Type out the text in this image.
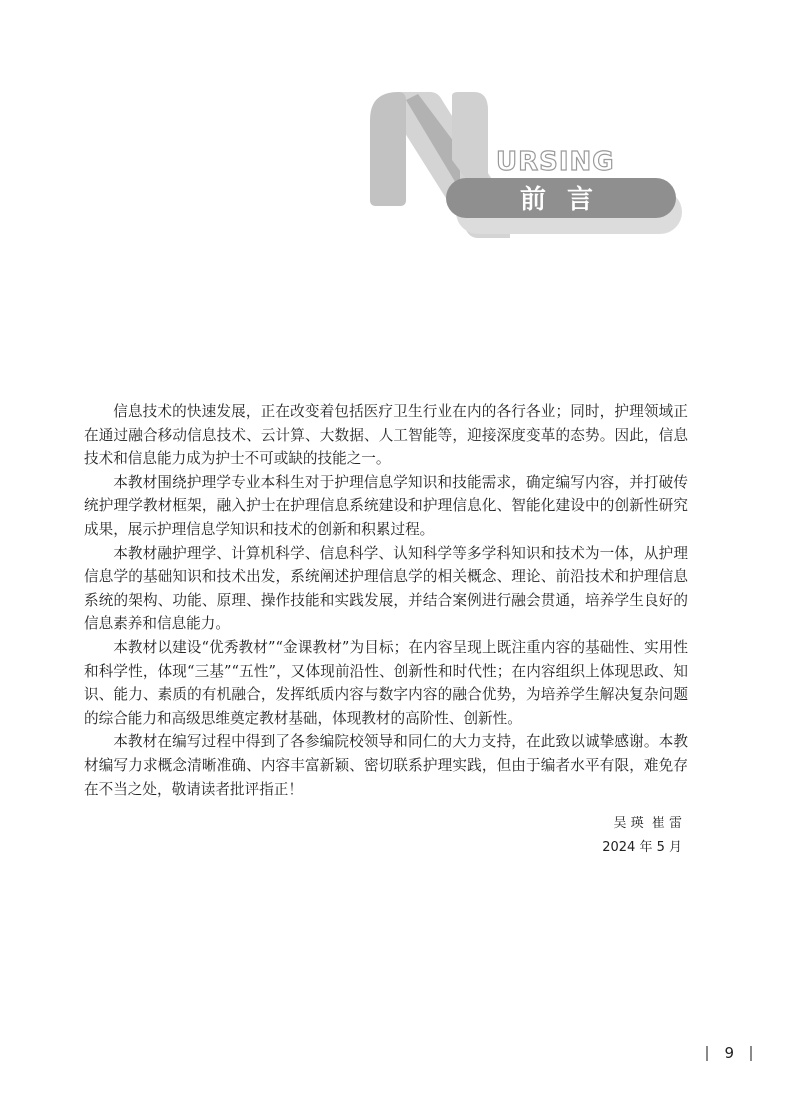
URSING
前 言

信息技术的快速发展，正在改变着包括医疗卫生行业在内的各行各业；同时，护理领域正在通过融合移动信息技术、云计算、大数据、人工智能等，迎接深度变革的态势。因此，信息技术和信息能力成为护士不可或缺的技能之一。

本教材围绕护理学专业本科生对于护理信息学知识和技能需求，确定编写内容，并打破传统护理学教材框架，融入护士在护理信息系统建设和护理信息化、智能化建设中的创新性研究成果，展示护理信息学知识和技术的创新和积累过程。

本教材融护理学、计算机科学、信息科学、认知科学等多学科知识和技术为一体，从护理信息学的基础知识和技术出发，系统阐述护理信息学的相关概念、理论、前沿技术和护理信息系统的架构、功能、原理、操作技能和实践发展，并结合案例进行融会贯通，培养学生良好的信息素养和信息能力。

本教材以建设“优秀教材”“金课教材”为目标；在内容呈现上既注重内容的基础性、实用性和科学性，体现“三基”“五性”，又体现前沿性、创新性和时代性；在内容组织上体现思政、知识、能力、素质的有机融合，发挥纸质内容与数字内容的融合优势，为培养学生解决复杂问题的综合能力和高级思维奠定教材基础，体现教材的高阶性、创新性。

本教材在编写过程中得到了各参编院校领导和同仁的大力支持，在此致以诚挚感谢。本教材编写力求概念清晰准确、内容丰富新颖、密切联系护理实践，但由于编者水平有限，难免存在不当之处，敬请读者批评指正！

吴 瑛  崔 雷
2024 年 5 月
9
